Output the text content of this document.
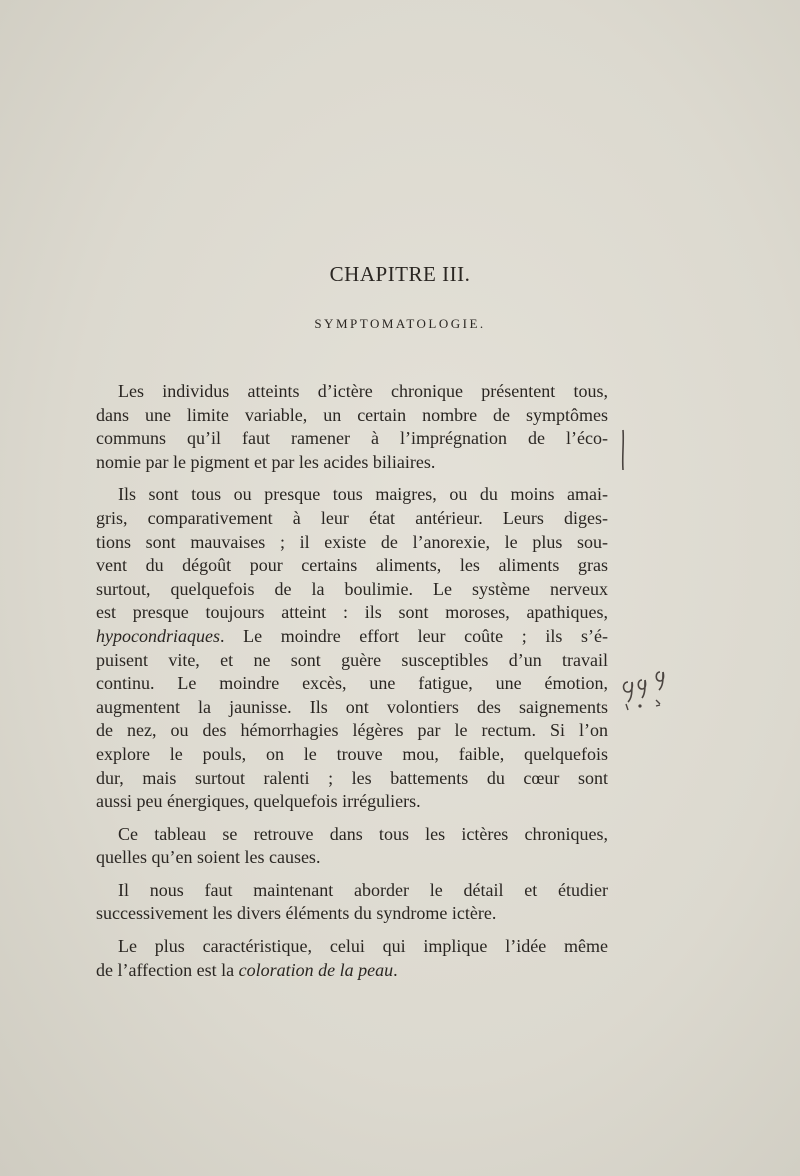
CHAPITRE III.
SYMPTOMATOLOGIE.

Les individus atteints d’ictère chronique présentent tous,
dans une limite variable, un certain nombre de symptômes
communs qu’il faut ramener à l’imprégnation de l’éco-
nomie par le pigment et par les acides biliaires.

Ils sont tous ou presque tous maigres, ou du moins amai-
gris, comparativement à leur état antérieur. Leurs diges-
tions sont mauvaises ; il existe de l’anorexie, le plus sou-
vent du dégoût pour certains aliments, les aliments gras
surtout, quelquefois de la boulimie. Le système nerveux
est presque toujours atteint : ils sont moroses, apathiques,
hypocondriaques. Le moindre effort leur coûte ; ils s’é-
puisent vite, et ne sont guère susceptibles d’un travail
continu. Le moindre excès, une fatigue, une émotion,
augmentent la jaunisse. Ils ont volontiers des saignements
de nez, ou des hémorrhagies légères par le rectum. Si l’on
explore le pouls, on le trouve mou, faible, quelquefois
dur, mais surtout ralenti ; les battements du cœur sont
aussi peu énergiques, quelquefois irréguliers.

Ce tableau se retrouve dans tous les ictères chroniques,
quelles qu’en soient les causes.

Il nous faut maintenant aborder le détail et étudier
successivement les divers éléments du syndrome ictère.

Le plus caractéristique, celui qui implique l’idée même
de l’affection est la coloration de la peau.
